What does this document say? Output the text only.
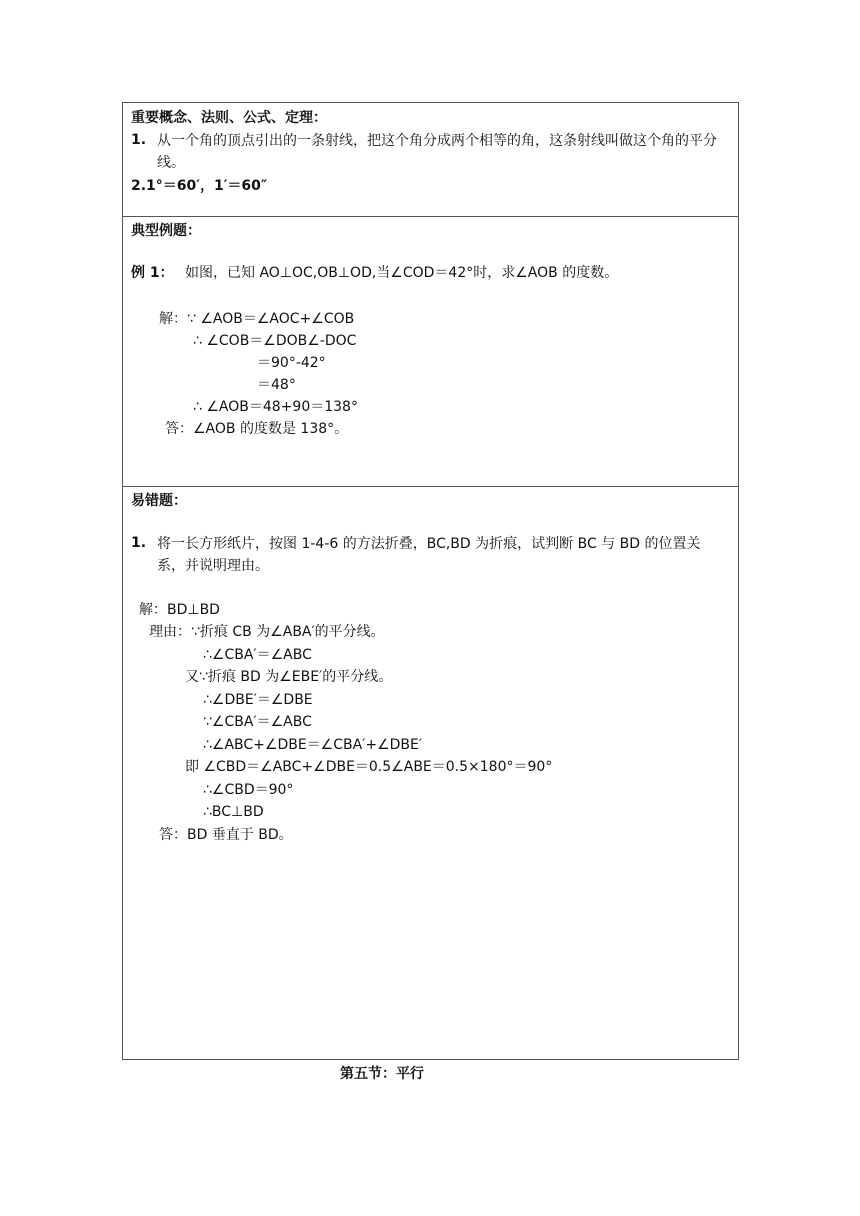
重要概念、法则、公式、定理：
1. 从一个角的顶点引出的一条射线，把这个角分成两个相等的角，这条射线叫做这个角的平分线。
2.1°＝60′，1′＝60″

典型例题：
例 1： 如图，已知 AO⊥OC,OB⊥OD,当∠COD＝42°时，求∠AOB 的度数。
解：∵ ∠AOB＝∠AOC+∠COB
∴ ∠COB＝∠DOB∠-DOC
＝90°-42°
＝48°
∴ ∠AOB＝48+90＝138°
答：∠AOB 的度数是 138°。

易错题：
1. 将一长方形纸片，按图 1-4-6 的方法折叠，BC,BD 为折痕，试判断 BC 与 BD 的位置关系，并说明理由。
解：BD⊥BD
理由：∵折痕 CB 为∠ABA′的平分线。
∴∠CBA′＝∠ABC
又∵折痕 BD 为∠EBE′的平分线。
∴∠DBE′＝∠DBE
∵∠CBA′＝∠ABC
∴∠ABC+∠DBE＝∠CBA′+∠DBE′
即 ∠CBD＝∠ABC+∠DBE＝0.5∠ABE＝0.5×180°＝90°
∴∠CBD＝90°
∴BC⊥BD
答：BD 垂直于 BD。
第五节：平行
